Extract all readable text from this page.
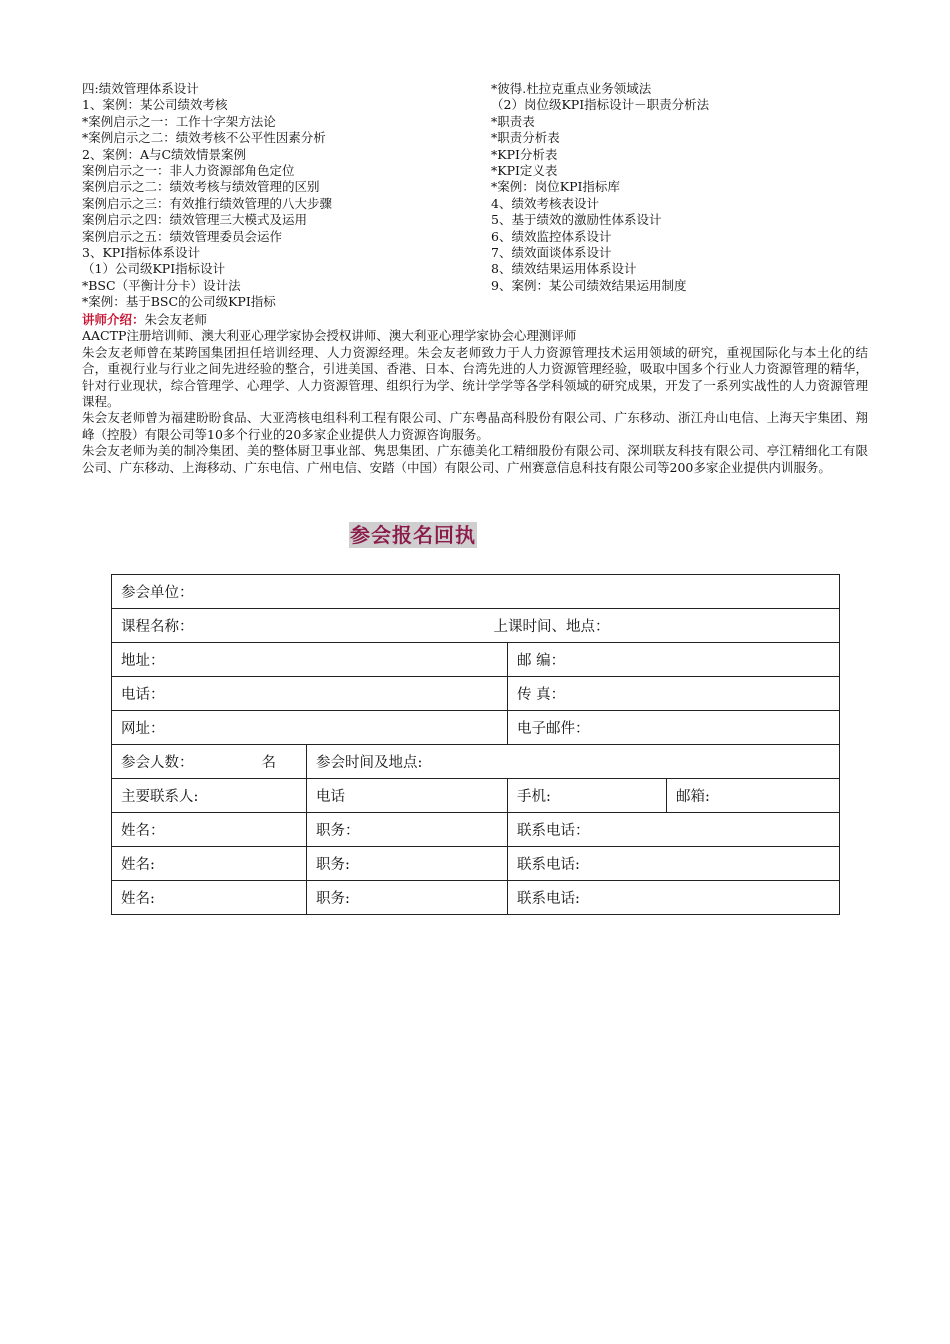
四:绩效管理体系设计
1、案例：某公司绩效考核
*案例启示之一：工作十字架方法论
*案例启示之二：绩效考核不公平性因素分析
2、案例：A与C绩效情景案例
案例启示之一：非人力资源部角色定位
案例启示之二：绩效考核与绩效管理的区别
案例启示之三：有效推行绩效管理的八大步骤
案例启示之四：绩效管理三大模式及运用
案例启示之五：绩效管理委员会运作
3、KPI指标体系设计
（1）公司级KPI指标设计
*BSC（平衡计分卡）设计法
*案例：基于BSC的公司级KPI指标
*彼得.杜拉克重点业务领域法
（2）岗位级KPI指标设计－职责分析法
*职责表
*职责分析表
*KPI分析表
*KPI定义表
*案例：岗位KPI指标库
4、绩效考核表设计
5、基于绩效的激励性体系设计
6、绩效监控体系设计
7、绩效面谈体系设计
8、绩效结果运用体系设计
9、案例：某公司绩效结果运用制度
讲师介绍：朱会友老师

AACTP注册培训师、澳大利亚心理学家协会授权讲师、澳大利亚心理学家协会心理测评师

朱会友老师曾在某跨国集团担任培训经理、人力资源经理。朱会友老师致力于人力资源管理技术运用领域的研究，重视国际化与本土化的结合，重视行业与行业之间先进经验的整合，引进美国、香港、日本、台湾先进的人力资源管理经验，吸取中国多个行业人力资源管理的精华，针对行业现状，综合管理学、心理学、人力资源管理、组织行为学、统计学学等各学科领域的研究成果，开发了一系列实战性的人力资源管理课程。

朱会友老师曾为福建盼盼食品、大亚湾核电组科利工程有限公司、广东粤晶高科股份有限公司、广东移动、浙江舟山电信、上海天宇集团、翔峰（控股）有限公司等10多个行业的20多家企业提供人力资源咨询服务。

朱会友老师为美的制冷集团、美的整体厨卫事业部、隽思集团、广东德美化工精细股份有限公司、深圳联友科技有限公司、亭江精细化工有限公司、广东移动、上海移动、广东电信、广州电信、安踏（中国）有限公司、广州赛意信息科技有限公司等200多家企业提供内训服务。

参会报名回执
参会单位：			
课程名称： 上课时间、地点：			
地址：		邮 编：	
电话：		传 真：	
网址：		电子邮件：	
参会人数： 名	参会时间及地点:		
主要联系人:	电话	手机:	邮箱:
姓名：	职务：	联系电话：	
姓名:	职务:	联系电话:	
姓名:	职务:	联系电话:	
